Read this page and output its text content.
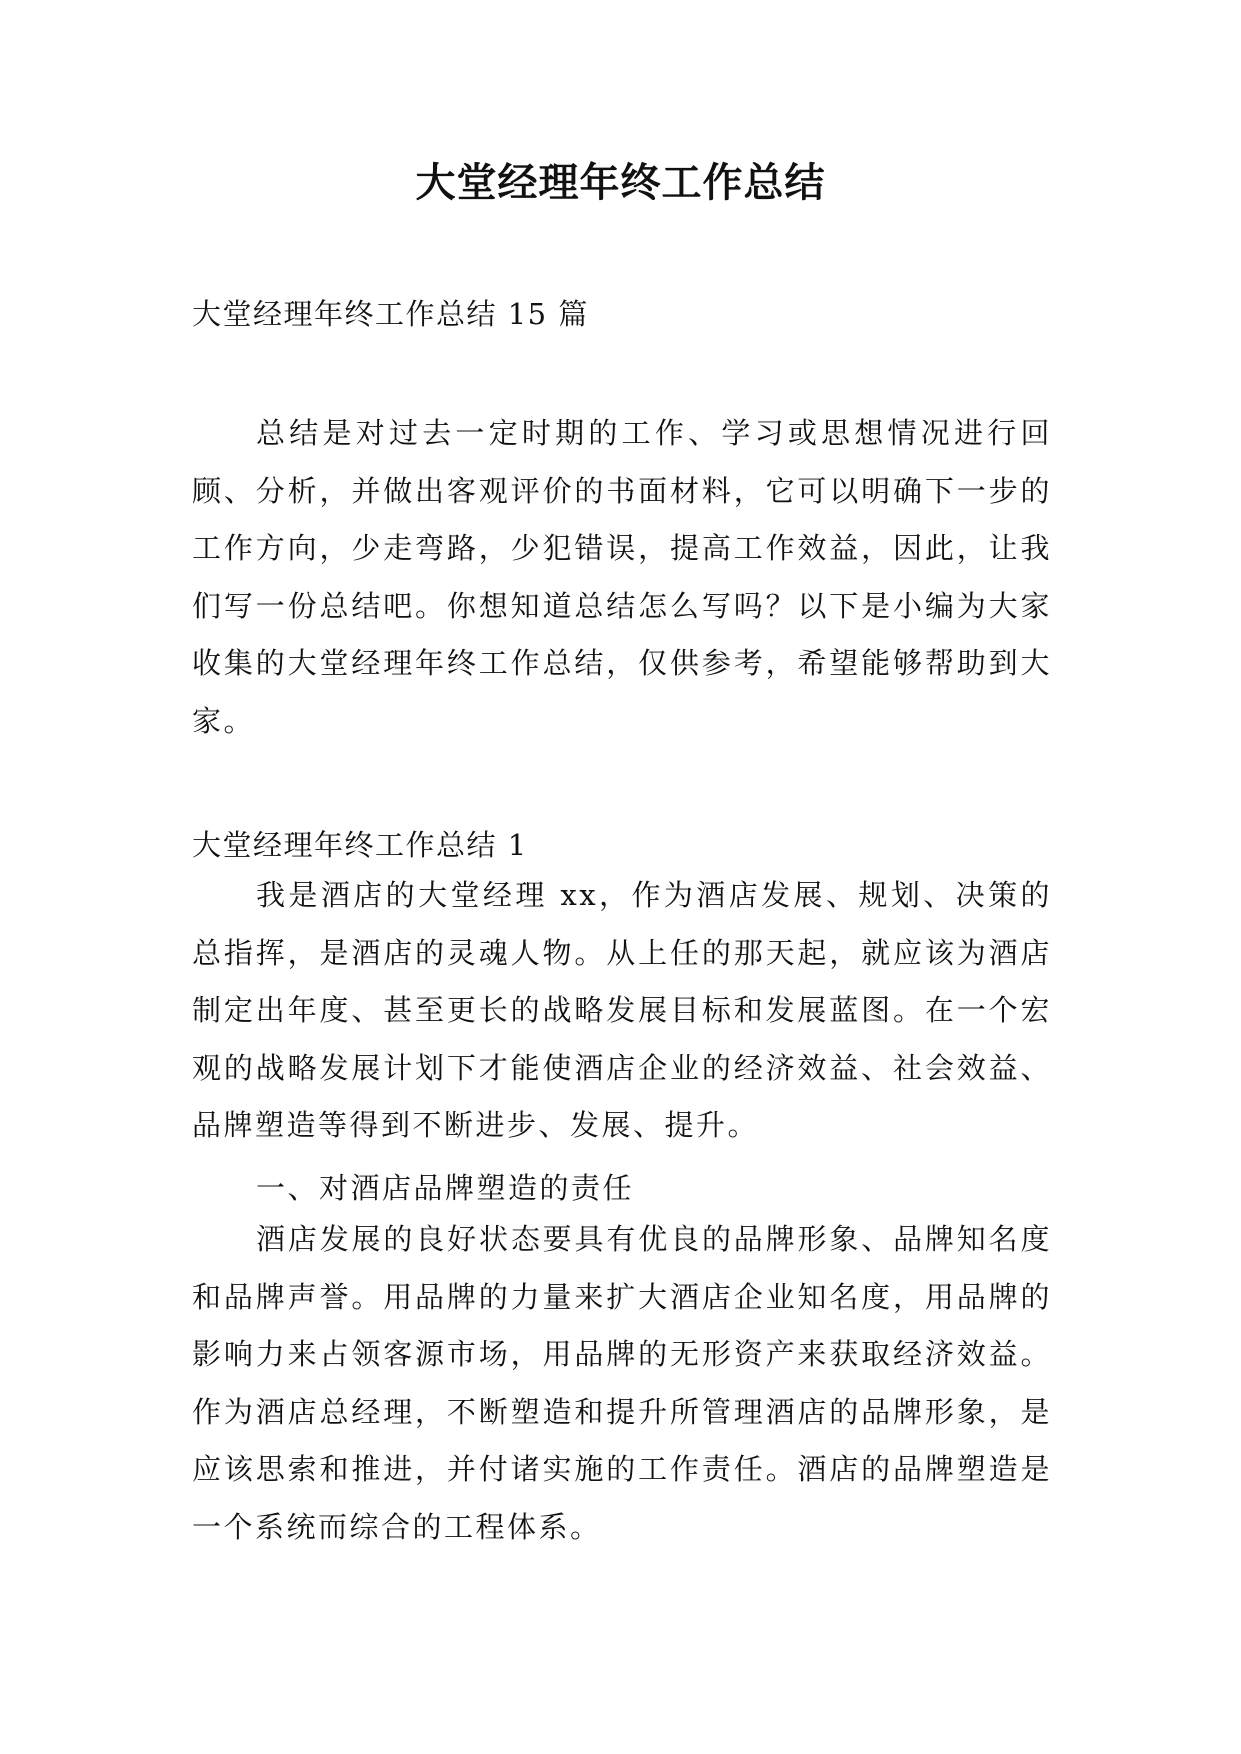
大堂经理年终工作总结
大堂经理年终工作总结 15 篇

总结是对过去一定时期的工作、学习或思想情况进行回顾、分析，并做出客观评价的书面材料，它可以明确下一步的工作方向，少走弯路，少犯错误，提高工作效益，因此，让我们写一份总结吧。你想知道总结怎么写吗？以下是小编为大家收集的大堂经理年终工作总结，仅供参考，希望能够帮助到大家。

大堂经理年终工作总结 1

我是酒店的大堂经理 xx，作为酒店发展、规划、决策的总指挥，是酒店的灵魂人物。从上任的那天起，就应该为酒店制定出年度、甚至更长的战略发展目标和发展蓝图。在一个宏观的战略发展计划下才能使酒店企业的经济效益、社会效益、品牌塑造等得到不断进步、发展、提升。

一、对酒店品牌塑造的责任

酒店发展的良好状态要具有优良的品牌形象、品牌知名度和品牌声誉。用品牌的力量来扩大酒店企业知名度，用品牌的影响力来占领客源市场，用品牌的无形资产来获取经济效益。作为酒店总经理，不断塑造和提升所管理酒店的品牌形象，是应该思索和推进，并付诸实施的工作责任。酒店的品牌塑造是一个系统而综合的工程体系。
